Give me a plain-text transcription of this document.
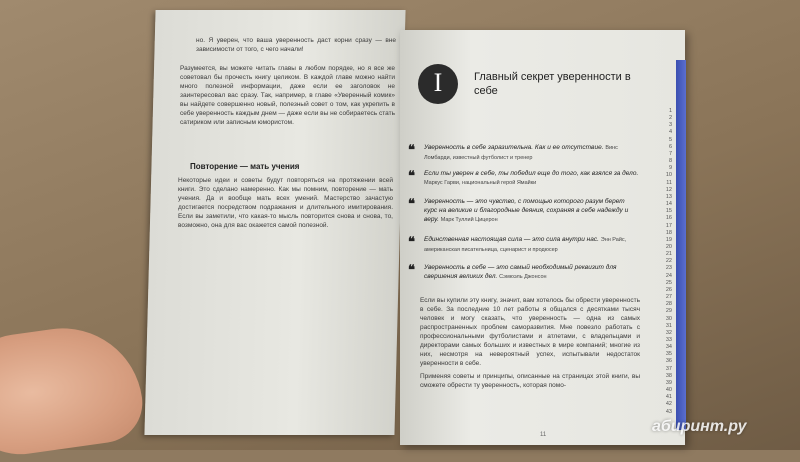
но. Я уверен, что ваша уверенность даст корни сразу — вне зависимости от того, с чего начали!
Разумеется, вы можете читать главы в любом порядке, но я все же советовал бы прочесть книгу целиком. В каждой главе можно найти много полезной информации, даже если ее заголовок не заинтересовал вас сразу. Так, например, в главе «Уверенный комик» вы найдете совершенно новый, полезный совет о том, как укрепить в себе уверенность каждым днем — даже если вы не собираетесь стать сатириком или записным юмористом.
Повторение — мать учения
Некоторые идеи и советы будут повторяться на протяжении всей книги. Это сделано намеренно. Как мы помним, повторение — мать учения. Да и вообще мать всех умений. Мастерство зачастую достигается посредством подражания и длительного имитирования. Если вы заметили, что какая-то мысль повторится снова и снова, то, возможно, она для вас окажется самой полезной.
I	Главный секрет уверенности в себе
❝ Уверенность в себе заразительна. Как и ее отсутствие. Винс Ломбарди, известный футболист и тренер
❝ Если ты уверен в себе, ты победил еще до того, как взялся за дело. Маркус Гарви, национальный герой Ямайки
❝ Уверенность — это чувство, с помощью которого разум берет курс на великие и благородные деяния, сохраняя в себе надежду и веру. Марк Туллий Цицерон
❝ Единственная настоящая сила — это сила внутри нас. Энн Райс, американская писательница, сценарист и продюсер
❝ Уверенность в себе — это самый необходимый реквизит для свершения великих дел. Сэмюэль Джонсон
Если вы купили эту книгу, значит, вам хотелось бы обрести уверенность в себе. За последние 10 лет работы я общался с десятками тысяч человек и могу сказать, что уверенность — одна из самых распространенных проблем саморазвития. Мне повезло работать с профессиональными футболистами и атлетами, с владельцами и директорами самых больших и известных в мире компаний; многие из них, несмотря на невероятный успех, испытывали недостаток уверенности в себе.
Применяя советы и принципы, описанные на страницах этой книги, вы сможете обрести ту уверенность, которая помо-
1
2
3
4
5
6
7
8
9
10
11
12
13
14
15
16
17
18
19
20
21
22
23
24
25
26
27
28
29
30
31
32
33
34
35
36
37
38
39
40
41
42
43
11	абиринт.ру
